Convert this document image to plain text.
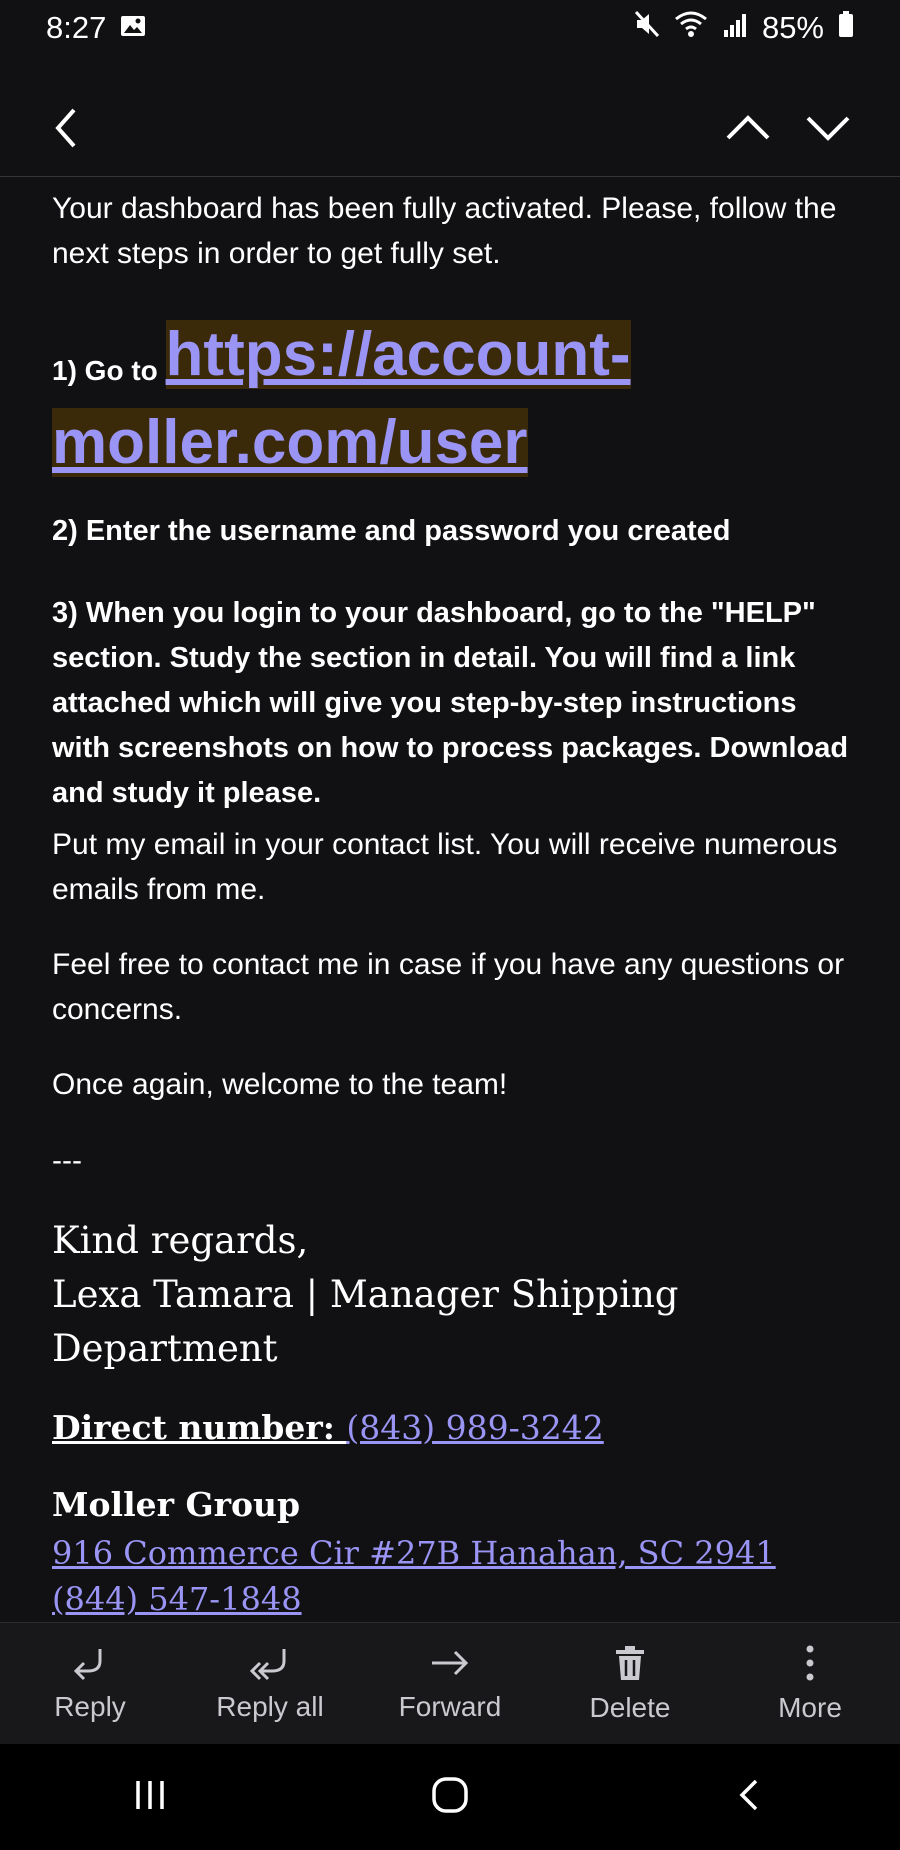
8:27	85%

Your dashboard has been fully activated. Please, follow the next steps in order to get fully set.

1) Go to https://account-moller.com/user

2) Enter the username and password you created

3) When you login to your dashboard, go to the "HELP" section. Study the section in detail. You will find a link attached which will give you step-by-step instructions with screenshots on how to process packages. Download and study it please.

Put my email in your contact list. You will receive numerous emails from me.

Feel free to contact me in case if you have any questions or concerns.

Once again, welcome to the team!

---

Kind regards,
Lexa Tamara | Manager Shipping Department
Direct number: (843) 989-3242
Moller Group
916 Commerce Cir #27B Hanahan, SC 2941
(844) 547-1848
Reply	Reply all	Forward	Delete	More
